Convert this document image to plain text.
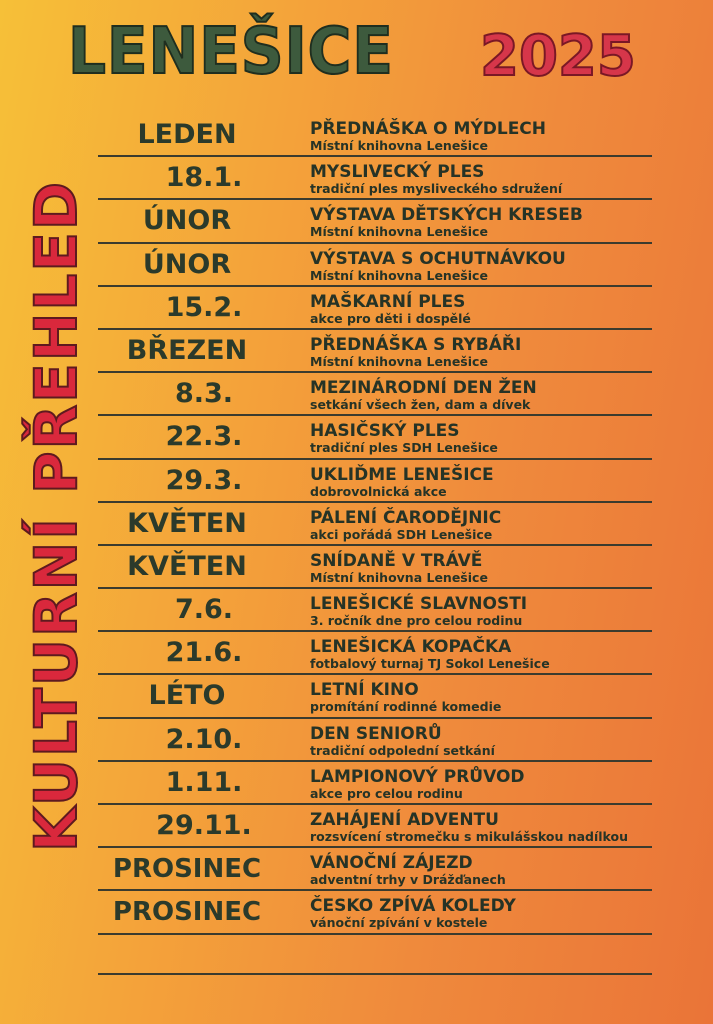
LENEŠICE 2025
KULTURNÍ PŘEHLED
LEDEN	PŘEDNÁŠKA O MÝDLECH
Místní knihovna Lenešice
18.1.	MYSLIVECKÝ PLES
tradiční ples mysliveckého sdružení
ÚNOR	VÝSTAVA DĚTSKÝCH KRESEB
Místní knihovna Lenešice
ÚNOR	VÝSTAVA S OCHUTNÁVKOU
Místní knihovna Lenešice
15.2.	MAŠKARNÍ PLES
akce pro děti i dospělé
BŘEZEN	PŘEDNÁŠKA S RYBÁŘI
Místní knihovna Lenešice
8.3.	MEZINÁRODNÍ DEN ŽEN
setkání všech žen, dam a dívek
22.3.	HASIČSKÝ PLES
tradiční ples SDH Lenešice
29.3.	UKLIĎME LENEŠICE
dobrovolnická akce
KVĚTEN	PÁLENÍ ČARODĚJNIC
akci pořádá SDH Lenešice
KVĚTEN	SNÍDANĚ V TRÁVĚ
Místní knihovna Lenešice
7.6.	LENEŠICKÉ SLAVNOSTI
3. ročník dne pro celou rodinu
21.6.	LENEŠICKÁ KOPAČKA
fotbalový turnaj TJ Sokol Lenešice
LÉTO	LETNÍ KINO
promítání rodinné komedie
2.10.	DEN SENIORŮ
tradiční odpolední setkání
1.11.	LAMPIONOVÝ PRŮVOD
akce pro celou rodinu
29.11.	ZAHÁJENÍ ADVENTU
rozsvícení stromečku s mikulášskou nadílkou
PROSINEC	VÁNOČNÍ ZÁJEZD
adventní trhy v Drážďanech
PROSINEC	ČESKO ZPÍVÁ KOLEDY
vánoční zpívání v kostele
